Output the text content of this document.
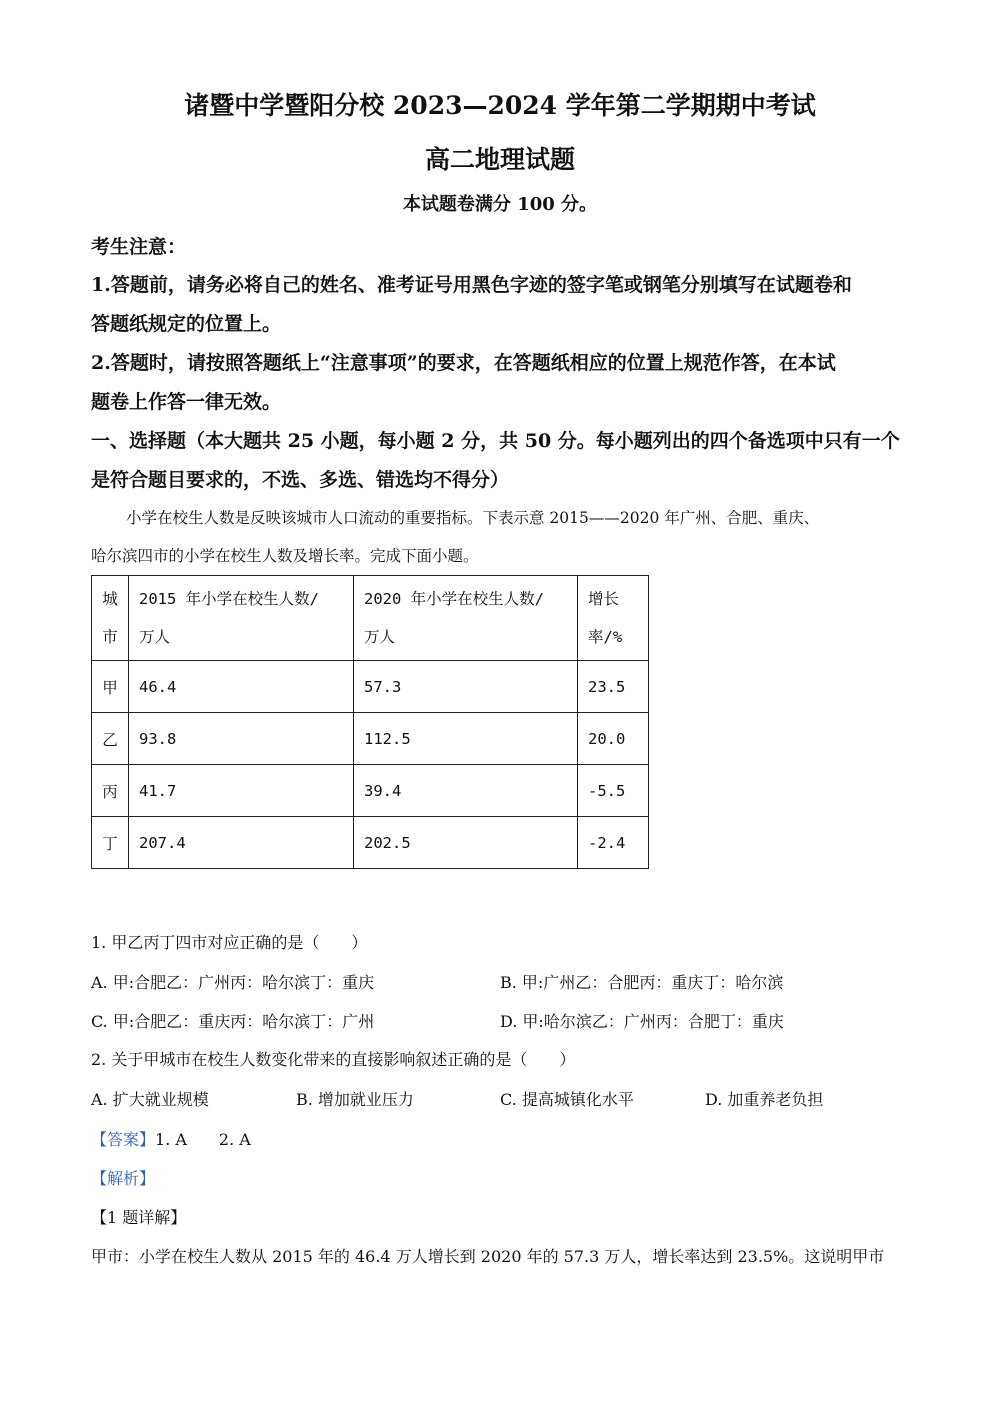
诸暨中学暨阳分校 2023—2024 学年第二学期期中考试
高二地理试题
本试题卷满分 100 分。
考生注意：
1.答题前，请务必将自己的姓名、准考证号用黑色字迹的签字笔或钢笔分别填写在试题卷和
答题纸规定的位置上。
2.答题时，请按照答题纸上“注意事项”的要求，在答题纸相应的位置上规范作答，在本试
题卷上作答一律无效。
一、选择题（本大题共 25 小题，每小题 2 分，共 50 分。每小题列出的四个备选项中只有一个
是符合题目要求的，不选、多选、错选均不得分）
小学在校生人数是反映该城市人口流动的重要指标。下表示意 2015——2020 年广州、合肥、重庆、
哈尔滨四市的小学在校生人数及增长率。完成下面小题。
城
市	2015 年小学在校生人数/
万人	2020 年小学在校生人数/
万人	增长
率/%
甲	46.4	57.3	23.5
乙	93.8	112.5	20.0
丙	41.7	39.4	-5.5
丁	207.4	202.5	-2.4
1. 甲乙丙丁四市对应正确的是（　　）
A. 甲:合肥乙：广州丙：哈尔滨丁：重庆	B. 甲:广州乙：合肥丙：重庆丁：哈尔滨
C. 甲:合肥乙：重庆丙：哈尔滨丁：广州	D. 甲:哈尔滨乙：广州丙：合肥丁：重庆
2. 关于甲城市在校生人数变化带来的直接影响叙述正确的是（　　）
A. 扩大就业规模	B. 增加就业压力	C. 提高城镇化水平	D. 加重养老负担
【答案】1. A　　2. A
【解析】
【1 题详解】
甲市：小学在校生人数从 2015 年的 46.4 万人增长到 2020 年的 57.3 万人，增长率达到 23.5%。这说明甲市
